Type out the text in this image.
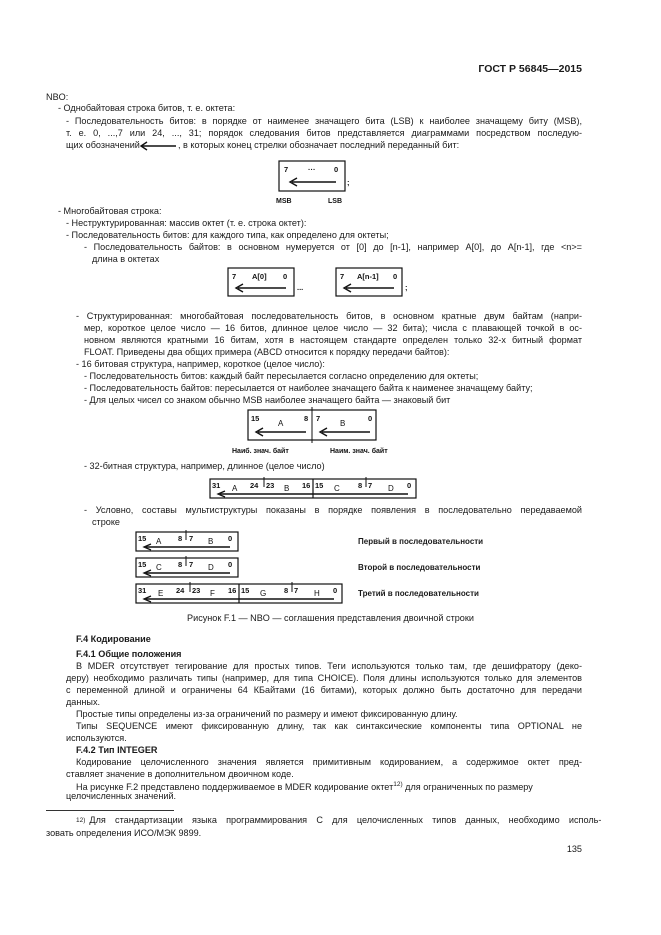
ГОСТ Р 56845—2015
NBO:
- Однобайтовая строка битов, т. е. октета:
- Последовательность битов: в порядке от наименее значащего бита (LSB) к наиболее значащему биту (MSB),
т. е. 0, ...,7 или 24, ..., 31; порядок следования битов представляется диаграммами посредством последую-
щих обозначений	, в которых конец стрелки обозначает последний переданный бит:
7	··· 0
;
MSB	LSB
- Многобайтовая строка:
- Неструктурированная: массив октет (т. е. строка октет):
- Последовательность битов: для каждого типа, как определено для октеты;
- Последовательность байтов: в основном нумеруется от [0] до [n-1], например A[0], до A[n-1], где <n>=
длина в октетах
7 A[0] 0
...
7 A[n-1] 0
;
- Структурированная: многобайтовая последовательность битов, в основном кратные двум байтам (напри-
мер, короткое целое число — 16 битов, длинное целое число — 32 бита); числа с плавающей точкой в ос-
новном являются кратными 16 битам, хотя в настоящем стандарте определен только 32-х битный формат
FLOAT. Приведены два общих примера (ABCD относится к порядку передачи байтов):
- 16 битовая структура, например, короткое (целое число):
- Последовательность битов: каждый байт пересылается согласно определению для октеты;
- Последовательность байтов: пересылается от наиболее значащего байта к наименее значащему байту;
- Для целых чисел со знаком обычно MSB наиболее значащего байта — знаковый бит
15
A
8 7
B
0
Наиб. знач. байт	Наим. знач. байт
- 32-битная структура, например, длинное (целое число)
31 A 24 23 B 16 15 C 8 7 D 0
- Условно, составы мультиструктуры показаны в порядке появления в последовательно передаваемой
строке
15 A 8 7 B 0	Первый в последовательности
15 C 8 7 D 0	Второй в последовательности
31 E 24 23 F 16 15 G 8 7 H 0	Третий в последовательности
Рисунок F.1 — NBO — соглашения представления двоичной строки
F.4 Кодирование
F.4.1 Общие положения
В MDER отсутствует тегирование для простых типов. Теги используются только там, где дешифратору (деко-
деру) необходимо различать типы (например, для типа CHOICE). Поля длины используются только для элементов
с переменной длиной и ограничены 64 КБайтами (16 битами), которых должно быть достаточно для передачи
данных.
Простые типы определены из-за ограничений по размеру и имеют фиксированную длину.
Типы SEQUENCE имеют фиксированную длину, так как синтаксические компоненты типа OPTIONAL не
используются.
F.4.2 Тип INTEGER
Кодирование целочисленного значения является примитивным кодированием, а содержимое октет пред-
ставляет значение в дополнительном двоичном коде.
На рисунке F.2 представлено поддерживаемое в MDER кодирование октет$^{12)}$ для ограниченных по размеру
целочисленных значений.
$^{12)}$ Для стандартизации языка программирования C для целочисленных типов данных, необходимо исполь-
зовать определения ИСО/МЭК 9899.
135
